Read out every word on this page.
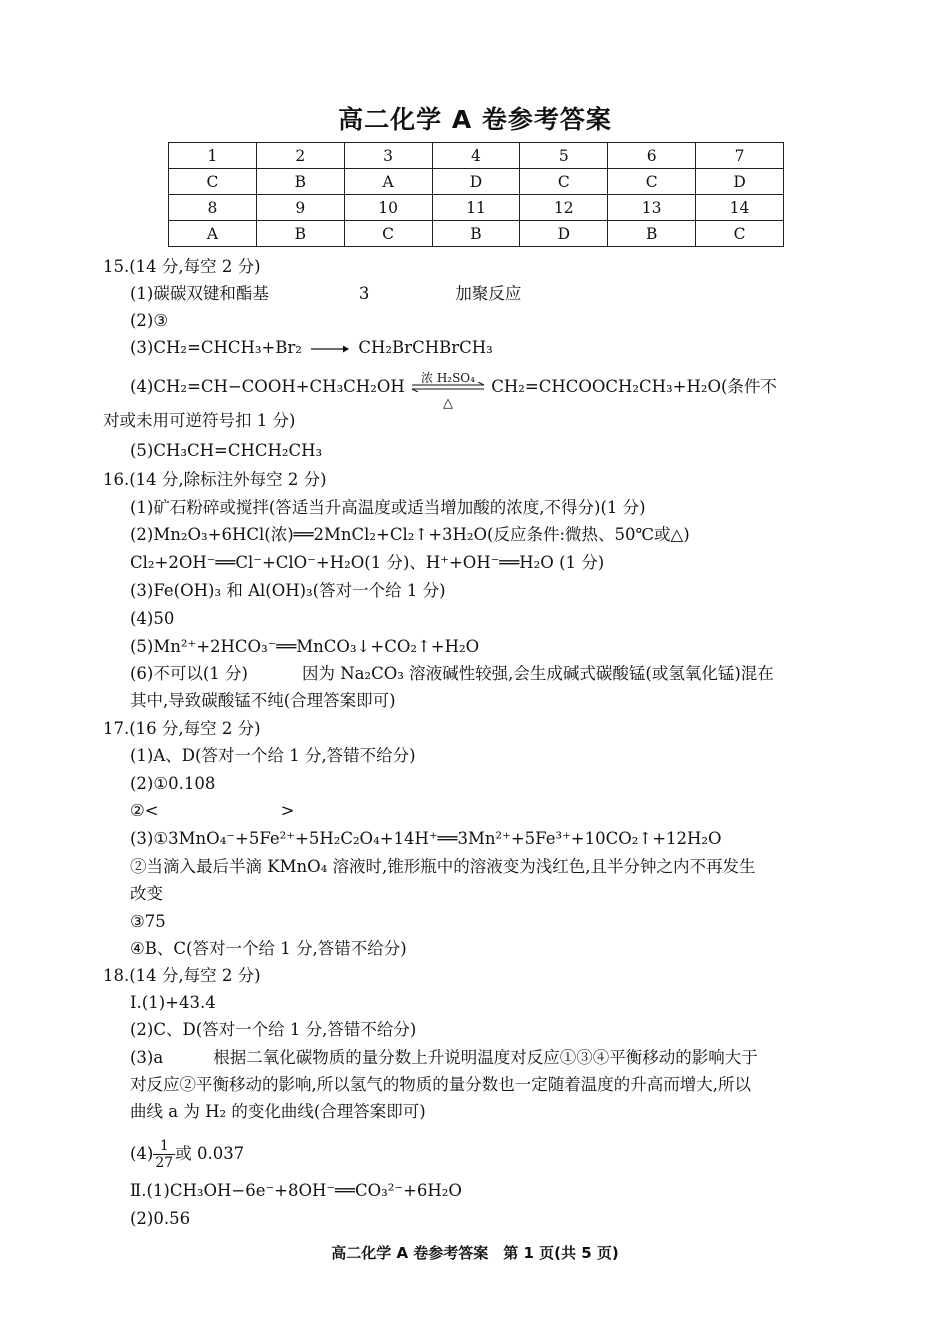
高二化学 A 卷参考答案
1	2	3	4	5	6	7
C	B	A	D	C	C	D
8	9	10	11	12	13	14
A	B	C	B	D	B	C
15.(14 分,每空 2 分)
(1)碳碳双键和酯基	3	加聚反应
(2)③
(3)CH₂=CHCH₃+Br₂ → CH₂BrCHBrCH₃
(4)CH₂=CH−COOH+CH₃CH₂OH	浓 H₂SO₄
△
CH₂=CHCOOCH₂CH₃+H₂O(条件不
对或未用可逆符号扣 1 分)
(5)CH₃CH=CHCH₂CH₃
16.(14 分,除标注外每空 2 分)
(1)矿石粉碎或搅拌(答适当升高温度或适当增加酸的浓度,不得分)(1 分)
(2)Mn₂O₃+6HCl(浓)══2MnCl₂+Cl₂↑+3H₂O(反应条件:微热、50℃或△)
Cl₂+2OH⁻══Cl⁻+ClO⁻+H₂O(1 分)、H⁺+OH⁻══H₂O (1 分)
(3)Fe(OH)₃ 和 Al(OH)₃(答对一个给 1 分)
(4)50
(5)Mn²⁺+2HCO₃⁻══MnCO₃↓+CO₂↑+H₂O
(6)不可以(1 分)	因为 Na₂CO₃ 溶液碱性较强,会生成碱式碳酸锰(或氢氧化锰)混在
其中,导致碳酸锰不纯(合理答案即可)
17.(16 分,每空 2 分)
(1)A、D(答对一个给 1 分,答错不给分)
(2)①0.108
②<	>
(3)①3MnO₄⁻+5Fe²⁺+5H₂C₂O₄+14H⁺══3Mn²⁺+5Fe³⁺+10CO₂↑+12H₂O
②当滴入最后半滴 KMnO₄ 溶液时,锥形瓶中的溶液变为浅红色,且半分钟之内不再发生
改变
③75
④B、C(答对一个给 1 分,答错不给分)
18.(14 分,每空 2 分)
Ⅰ.(1)+43.4
(2)C、D(答对一个给 1 分,答错不给分)
(3)a	根据二氧化碳物质的量分数上升说明温度对反应①③④平衡移动的影响大于
对反应②平衡移动的影响,所以氢气的物质的量分数也一定随着温度的升高而增大,所以
曲线 a 为 H₂ 的变化曲线(合理答案即可)
$(4) \frac{1}{27}$ 或 0.037
Ⅱ.(1)CH₃OH−6e⁻+8OH⁻══CO₃²⁻+6H₂O
(2)0.56
高二化学 A 卷参考答案　第 1 页(共 5 页)
